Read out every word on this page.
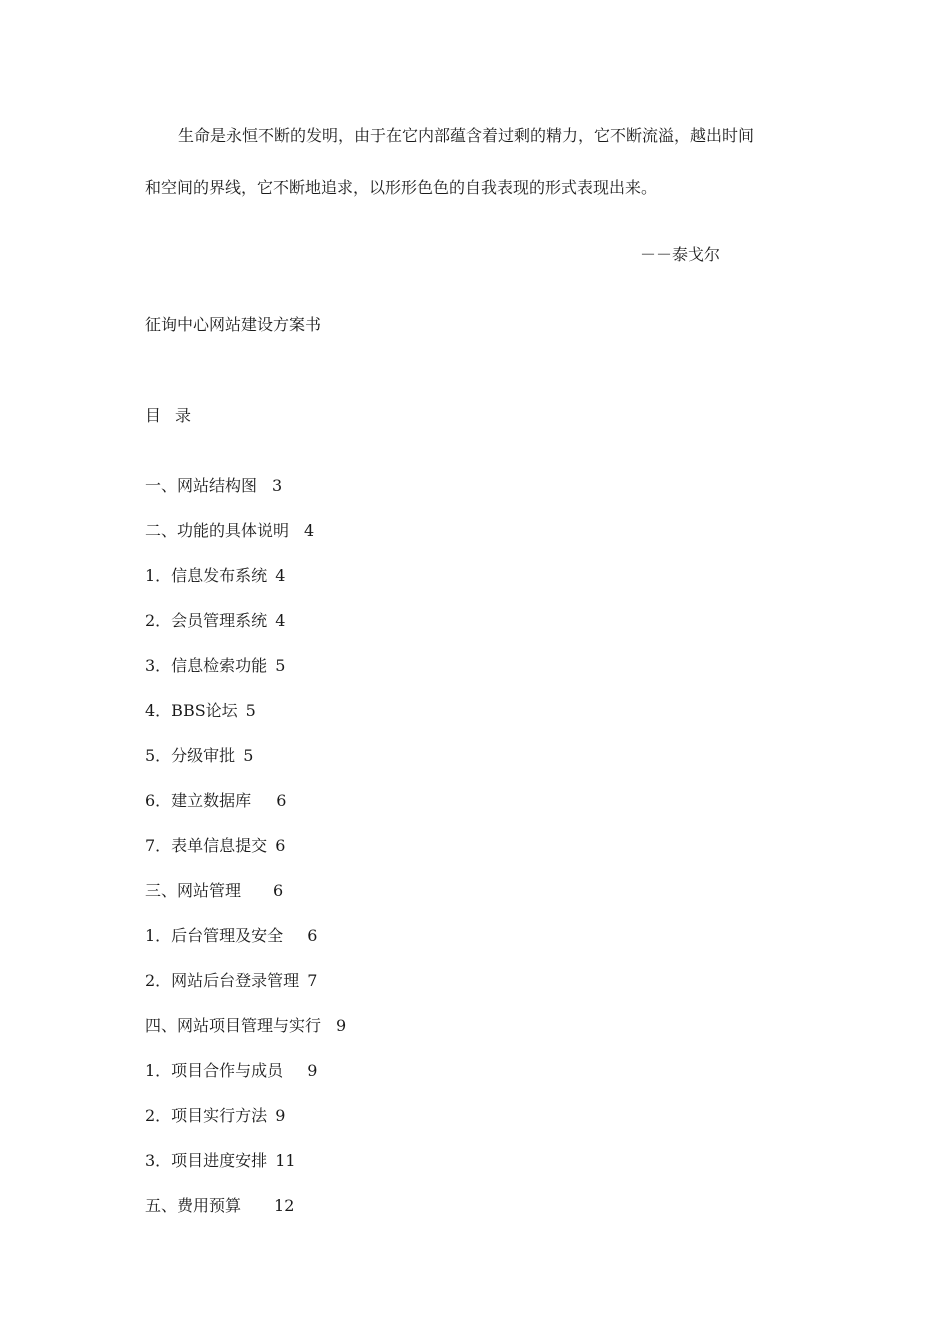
生命是永恒不断的发明，由于在它内部蕴含着过剩的精力，它不断流溢，越出时间
和空间的界线，它不断地追求，以形形色色的自我表现的形式表现出来。
－－泰戈尔
征询中心网站建设方案书
目录
一、网站结构图 3
二、功能的具体说明 4
1．信息发布系统 4
2．会员管理系统 4
3．信息检索功能 5
4．BBS论坛 5
5．分级审批 5
6．建立数据库 6
7．表单信息提交 6
三、网站管理 6
1．后台管理及安全 6
2．网站后台登录管理 7
四、网站项目管理与实行 9
1．项目合作与成员 9
2．项目实行方法 9
3．项目进度安排 11
五、费用预算 12
